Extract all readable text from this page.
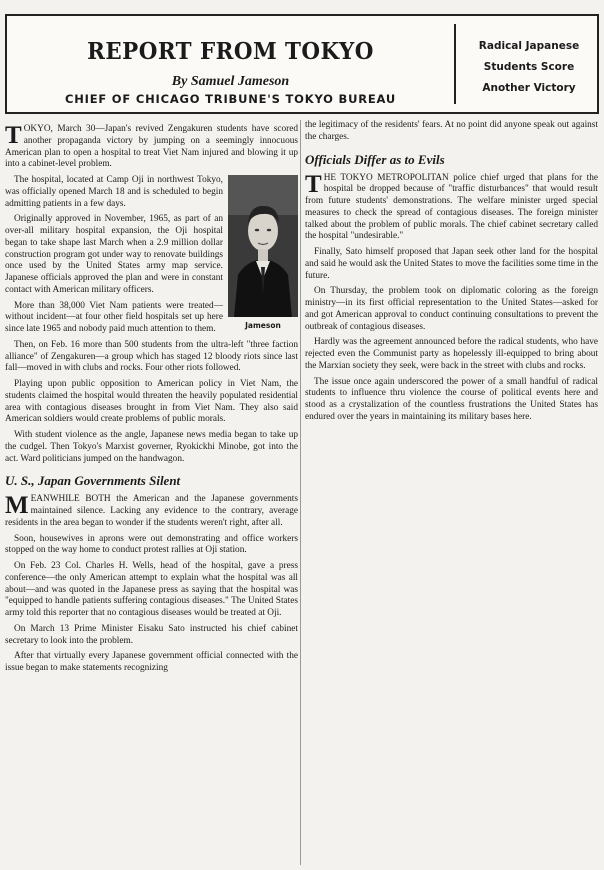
REPORT FROM TOKYO
By Samuel Jameson
CHIEF OF CHICAGO TRIBUNE'S TOKYO BUREAU
Radical Japanese
Students Score
Another Victory

TOKYO, March 30—Japan's revived Zengakuren students have scored another propaganda victory by jumping on a seemingly innocuous American plan to open a hospital to treat Viet Nam injured and blowing it up into a cabinet-level problem.

Jameson

The hospital, located at Camp Oji in northwest Tokyo, was officially opened March 18 and is scheduled to begin admitting patients in a few days.

Originally approved in November, 1965, as part of an over-all military hospital expansion, the Oji hospital began to take shape last March when a 2.9 million dollar construction program got under way to renovate buildings once used by the United States army map service. Japanese officials approved the plan and were in constant contact with American military officers.

More than 38,000 Viet Nam patients were treated—without incident—at four other field hospitals set up here since late 1965 and nobody paid much attention to them.

Then, on Feb. 16 more than 500 students from the ultra-left "three faction alliance" of Zengakuren—a group which has staged 12 bloody riots since last fall—moved in with clubs and rocks. Four other riots followed.

Playing upon public opposition to American policy in Viet Nam, the students claimed the hospital would threaten the heavily populated residential area with contagious diseases brought in from Viet Nam. They also said American soldiers would create problems of public morals.

With student violence as the angle, Japanese news media began to take up the cudgel. Then Tokyo's Marxist governer, Ryokickhi Minobe, got into the act. Ward politicians jumped on the handwagon.

U. S., Japan Governments Silent

MEANWHILE BOTH the American and the Japanese governments maintained silence. Lacking any evidence to the contrary, average residents in the area began to wonder if the students weren't right, after all.

Soon, housewives in aprons were out demonstrating and office workers stopped on the way home to conduct protest rallies at Oji station.

On Feb. 23 Col. Charles H. Wells, head of the hospital, gave a press conference—the only American attempt to explain what the hospital was all about—and was quoted in the Japanese press as saying that the hospital was "equipped to handle patients suffering contagious diseases." The United States army told this reporter that no contagious diseases would be treated at Oji.

On March 13 Prime Minister Eisaku Sato instructed his chief cabinet secretary to look into the problem.

After that virtually every Japanese government official connected with the issue began to make statements recognizing

the legitimacy of the residents' fears. At no point did anyone speak out against the charges.

Officials Differ as to Evils

THE TOKYO METROPOLITAN police chief urged that plans for the hospital be dropped because of "traffic disturbances" that would result from future students' demonstrations. The welfare minister urged special measures to check the spread of contagious diseases. The foreign minister talked about the problem of public morals. The chief cabinet secretary called the hospital "undesirable."

Finally, Sato himself proposed that Japan seek other land for the hospital and said he would ask the United States to move the facilities some time in the future.

On Thursday, the problem took on diplomatic coloring as the foreign ministry—in its first official representation to the United States—asked for and got American approval to conduct continuing consultations to prevent the outbreak of contagious diseases.

Hardly was the agreement announced before the radical students, who have rejected even the Communist party as hopelessly ill-equipped to bring about the Marxian society they seek, were back in the street with clubs and rocks.

The issue once again underscored the power of a small handful of radical students to influence thru violence the course of political events here and stood as a crystalization of the countless frustrations the United States has endured over the years in maintaining its military bases here.
